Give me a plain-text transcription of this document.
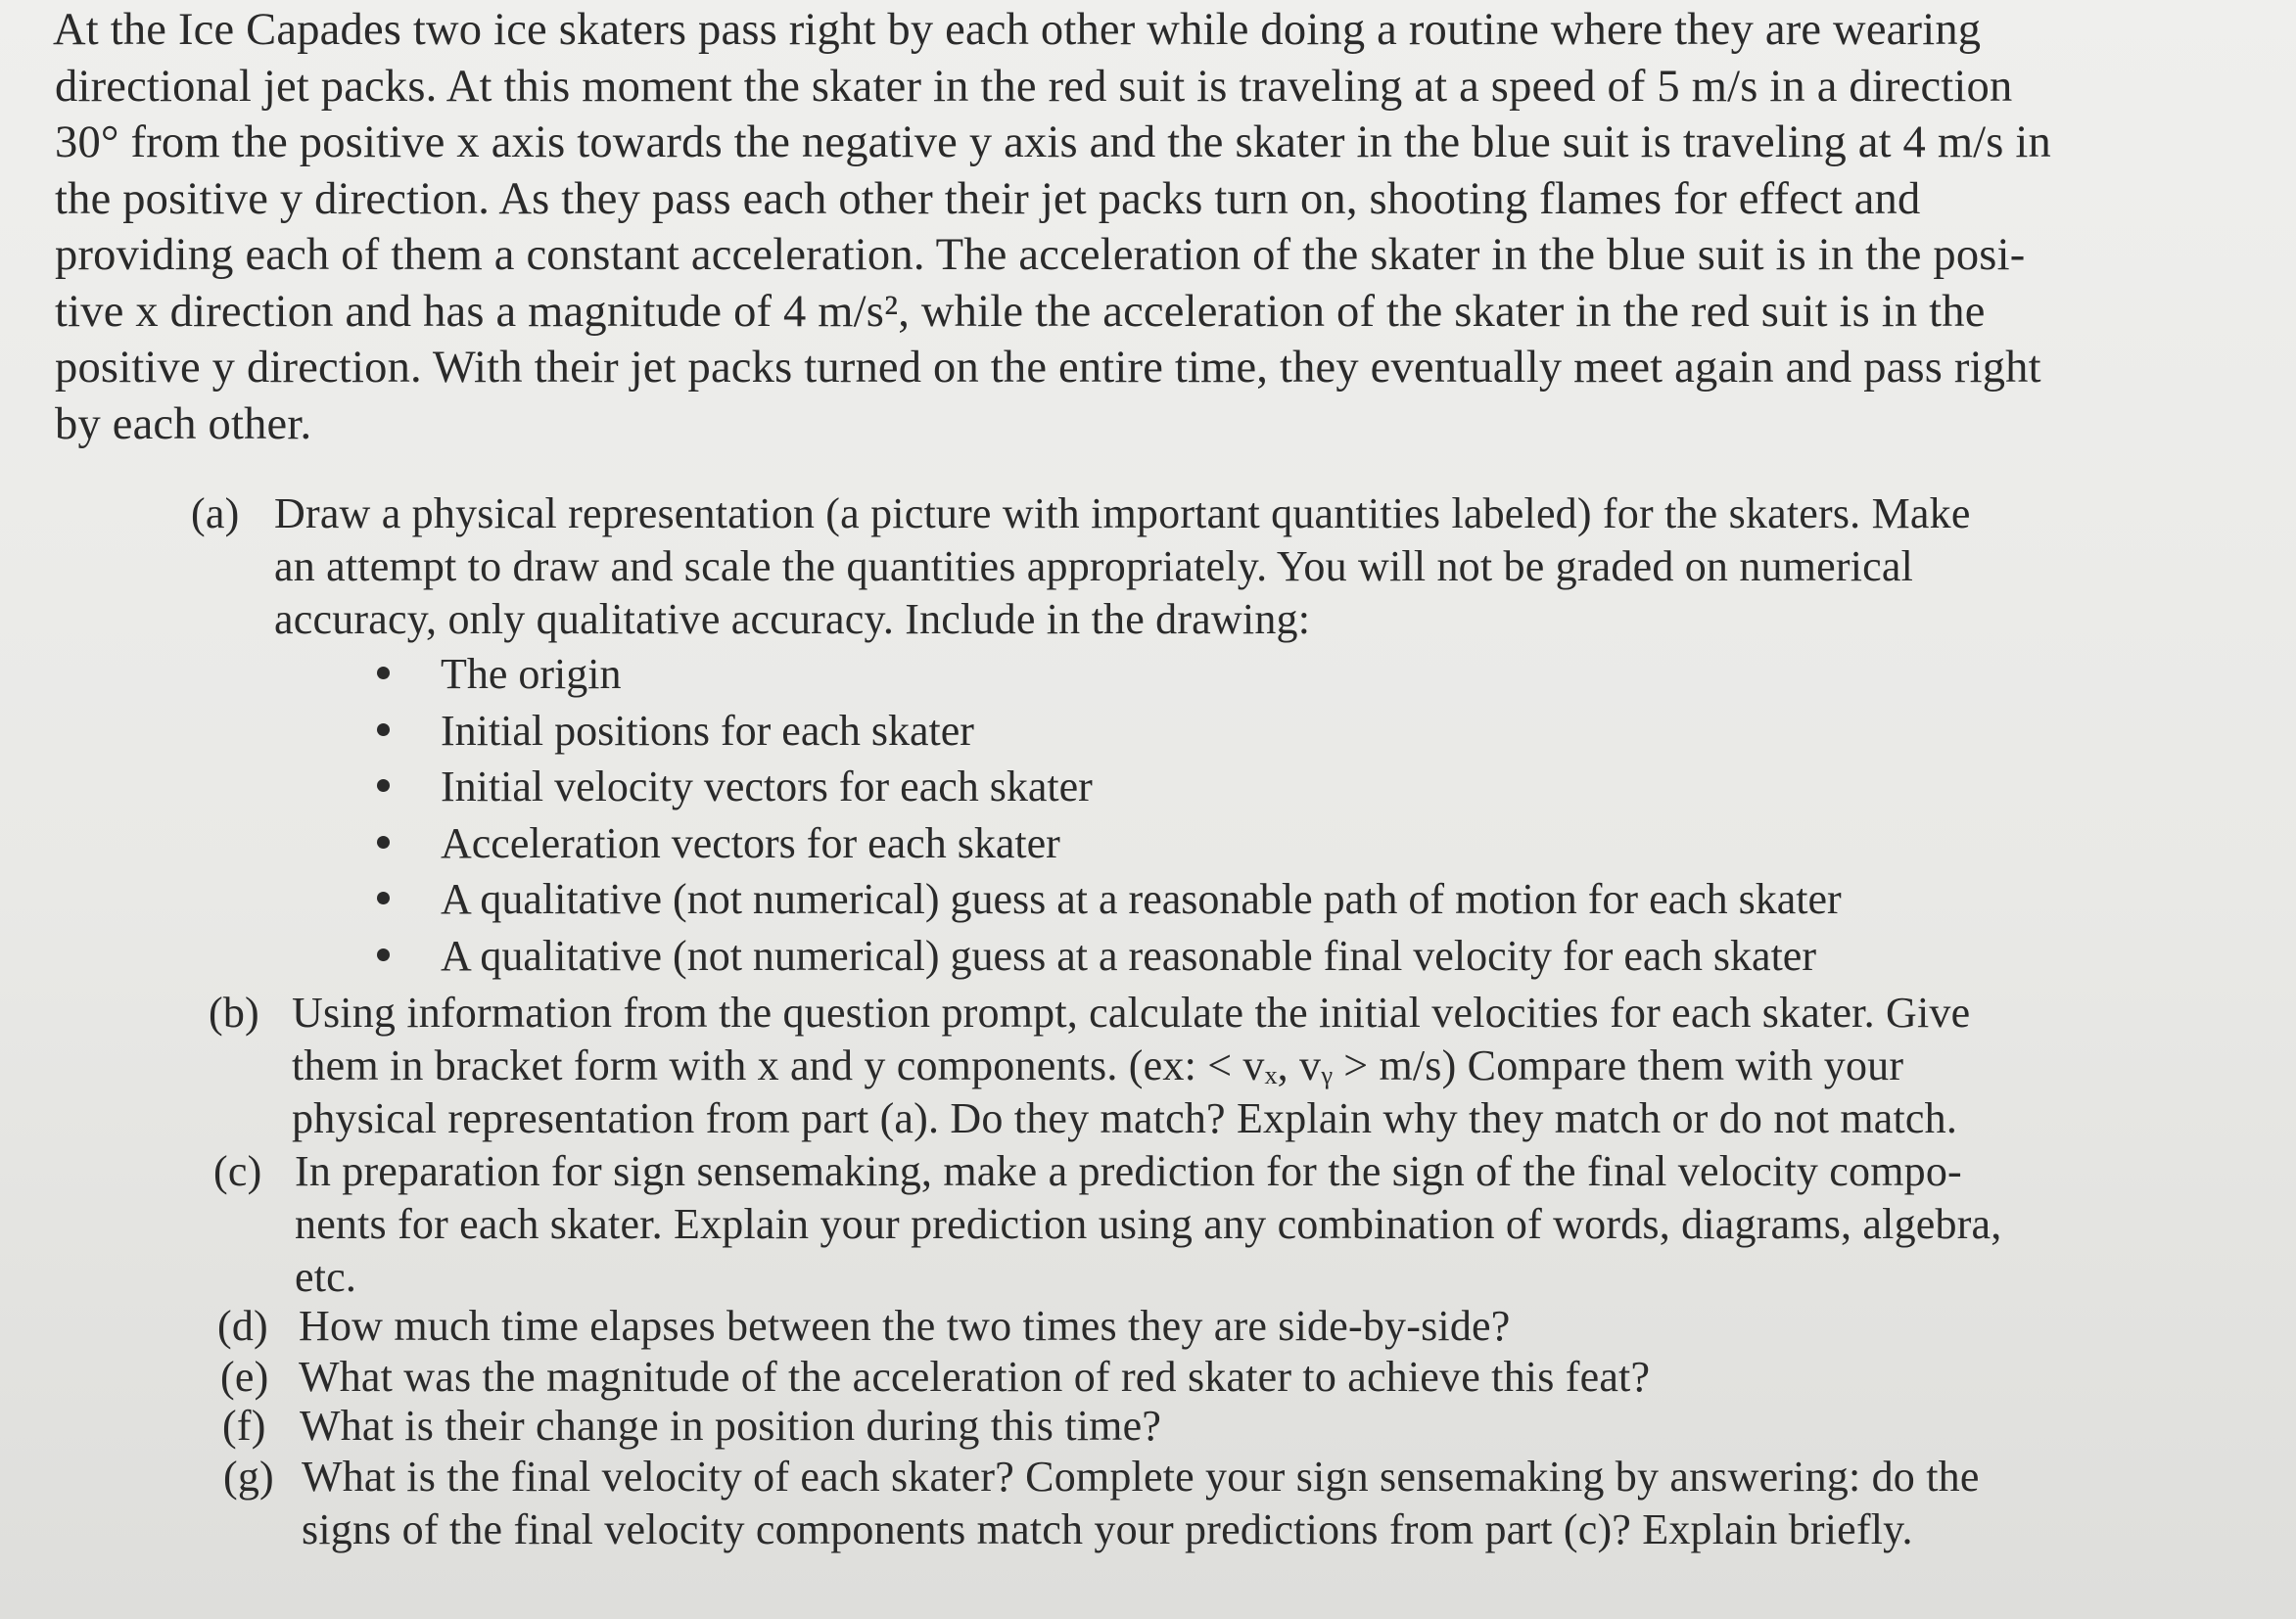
At the Ice Capades two ice skaters pass right by each other while doing a routine where they are wearing
directional jet packs. At this moment the skater in the red suit is traveling at a speed of 5 m/s in a direction
30° from the positive x axis towards the negative y axis and the skater in the blue suit is traveling at 4 m/s in
the positive y direction. As they pass each other their jet packs turn on, shooting flames for effect and
providing each of them a constant acceleration. The acceleration of the skater in the blue suit is in the posi-
tive x direction and has a magnitude of 4 m/s², while the acceleration of the skater in the red suit is in the
positive y direction. With their jet packs turned on the entire time, they eventually meet again and pass right
by each other.
(a) Draw a physical representation (a picture with important quantities labeled) for the skaters. Make
an attempt to draw and scale the quantities appropriately. You will not be graded on numerical
accuracy, only qualitative accuracy. Include in the drawing:
The origin
Initial positions for each skater
Initial velocity vectors for each skater
Acceleration vectors for each skater
A qualitative (not numerical) guess at a reasonable path of motion for each skater
A qualitative (not numerical) guess at a reasonable final velocity for each skater
(b) Using information from the question prompt, calculate the initial velocities for each skater. Give
them in bracket form with x and y components. (ex: < vₓ, vᵧ > m/s) Compare them with your
physical representation from part (a). Do they match? Explain why they match or do not match.
(c) In preparation for sign sensemaking, make a prediction for the sign of the final velocity compo-
nents for each skater. Explain your prediction using any combination of words, diagrams, algebra,
etc.
(d) How much time elapses between the two times they are side-by-side?
(e) What was the magnitude of the acceleration of red skater to achieve this feat?
(f) What is their change in position during this time?
(g) What is the final velocity of each skater? Complete your sign sensemaking by answering: do the
signs of the final velocity components match your predictions from part (c)? Explain briefly.
